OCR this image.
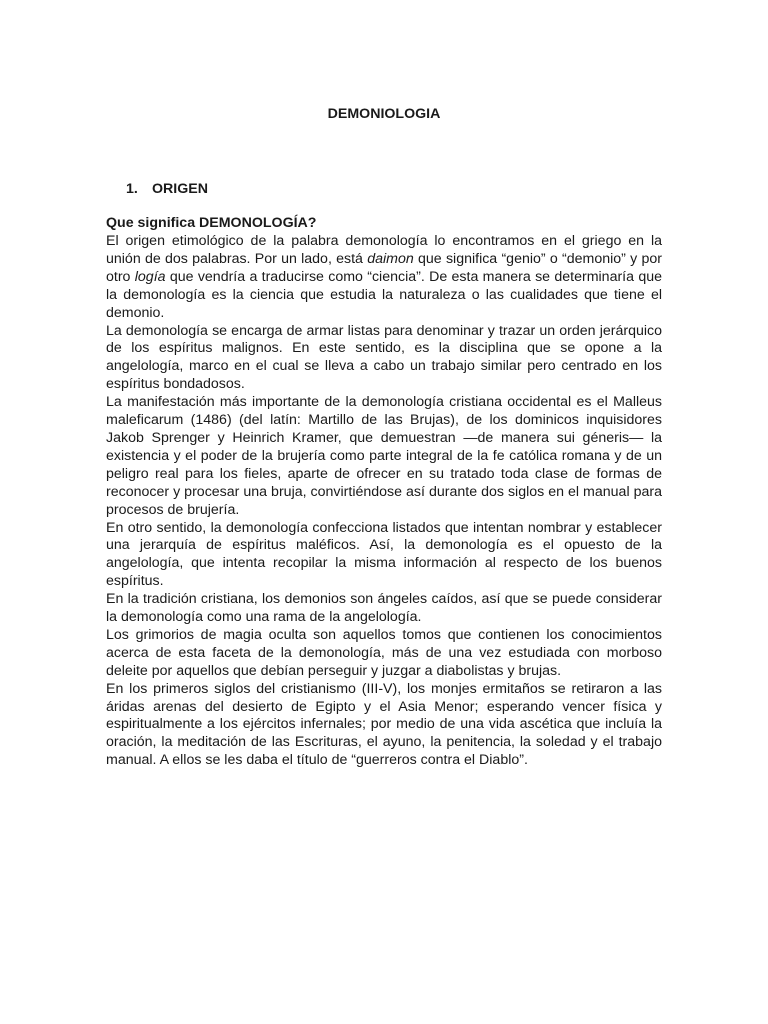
DEMONIOLOGIA
1. ORIGEN
Que significa DEMONOLOGÍA?

El origen etimológico de la palabra demonología lo encontramos en el griego en la unión de dos palabras. Por un lado, está daimon que significa “genio” o “demonio” y por otro logía que vendría a traducirse como “ciencia”. De esta manera se determinaría que la demonología es la ciencia que estudia la naturaleza o las cualidades que tiene el demonio.

La demonología se encarga de armar listas para denominar y trazar un orden jerárquico de los espíritus malignos. En este sentido, es la disciplina que se opone a la angelología, marco en el cual se lleva a cabo un trabajo similar pero centrado en los espíritus bondadosos.

La manifestación más importante de la demonología cristiana occidental es el Malleus maleficarum (1486) (del latín: Martillo de las Brujas), de los dominicos inquisidores Jakob Sprenger y Heinrich Kramer, que demuestran —de manera sui géneris— la existencia y el poder de la brujería como parte integral de la fe católica romana y de un peligro real para los fieles, aparte de ofrecer en su tratado toda clase de formas de reconocer y procesar una bruja, convirtiéndose así durante dos siglos en el manual para procesos de brujería.

En otro sentido, la demonología confecciona listados que intentan nombrar y establecer una jerarquía de espíritus maléficos. Así, la demonología es el opuesto de la angelología, que intenta recopilar la misma información al respecto de los buenos espíritus.

En la tradición cristiana, los demonios son ángeles caídos, así que se puede considerar la demonología como una rama de la angelología.

Los grimorios de magia oculta son aquellos tomos que contienen los conocimientos acerca de esta faceta de la demonología, más de una vez estudiada con morboso deleite por aquellos que debían perseguir y juzgar a diabolistas y brujas.

En los primeros siglos del cristianismo (III-V), los monjes ermitaños se retiraron a las áridas arenas del desierto de Egipto y el Asia Menor; esperando vencer física y espiritualmente a los ejércitos infernales; por medio de una vida ascética que incluía la oración, la meditación de las Escrituras, el ayuno, la penitencia, la soledad y el trabajo manual. A ellos se les daba el título de “guerreros contra el Diablo”.
